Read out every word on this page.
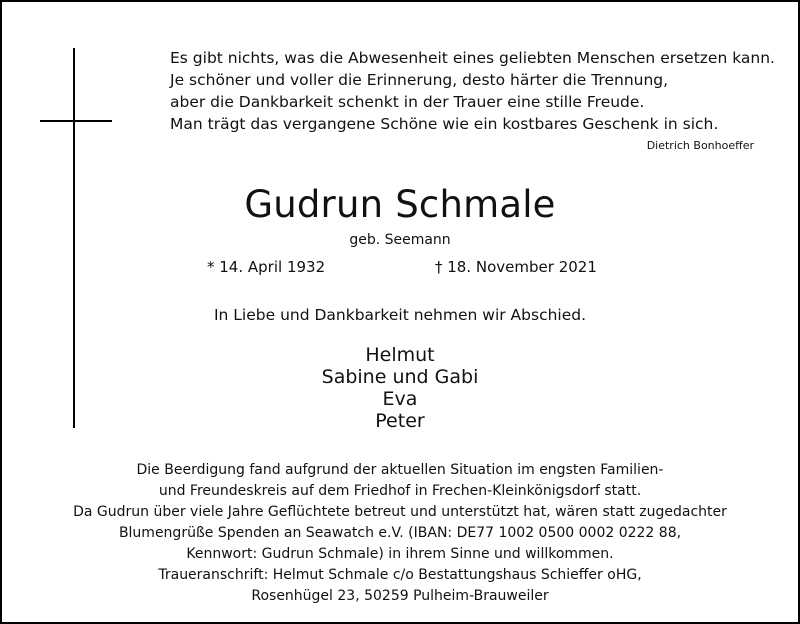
Es gibt nichts, was die Abwesenheit eines geliebten Menschen ersetzen kann.
Je schöner und voller die Erinnerung, desto härter die Trennung,
aber die Dankbarkeit schenkt in der Trauer eine stille Freude.
Man trägt das vergangene Schöne wie ein kostbares Geschenk in sich.
Dietrich Bonhoeffer
Gudrun Schmale
geb. Seemann
* 14. April 1932	† 18. November 2021
In Liebe und Dankbarkeit nehmen wir Abschied.
Helmut
Sabine und Gabi
Eva
Peter
Die Beerdigung fand aufgrund der aktuellen Situation im engsten Familien-
und Freundeskreis auf dem Friedhof in Frechen-Kleinkönigsdorf statt.
Da Gudrun über viele Jahre Geflüchtete betreut und unterstützt hat, wären statt zugedachter
Blumengrüße Spenden an Seawatch e.V. (IBAN: DE77 1002 0500 0002 0222 88,
Kennwort: Gudrun Schmale) in ihrem Sinne und willkommen.
Traueranschrift: Helmut Schmale c/o Bestattungshaus Schieffer oHG,
Rosenhügel 23, 50259 Pulheim-Brauweiler
